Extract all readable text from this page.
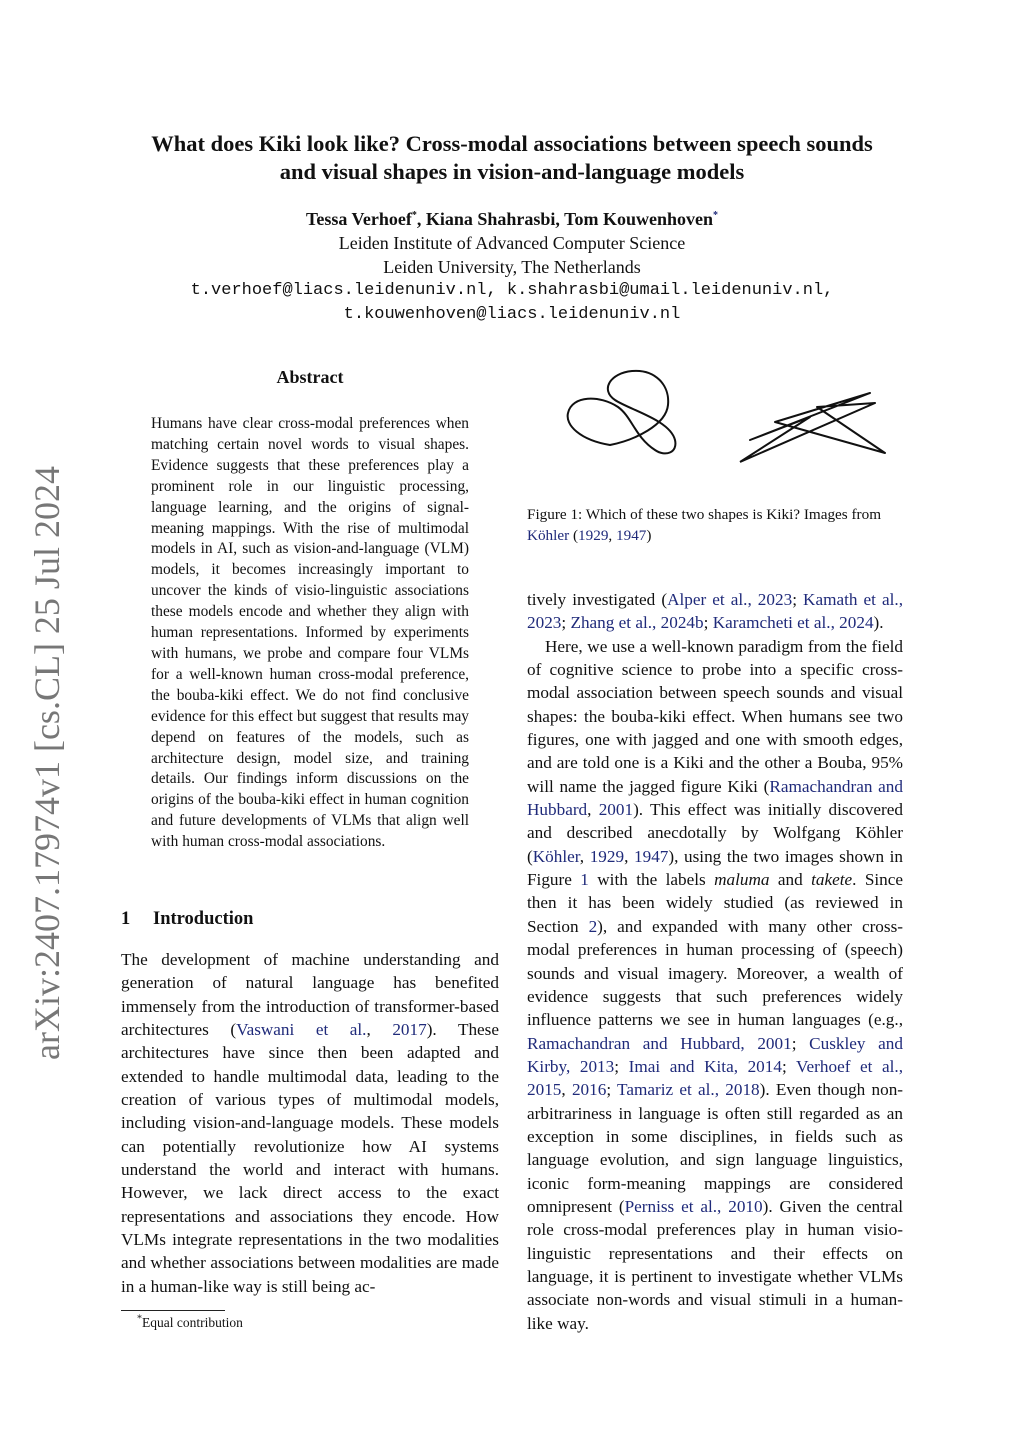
arXiv:2407.17974v1 [cs.CL] 25 Jul 2024
What does Kiki look like? Cross-modal associations between speech sounds
and visual shapes in vision-and-language models
Tessa Verhoef*, Kiana Shahrasbi, Tom Kouwenhoven*
Leiden Institute of Advanced Computer Science
Leiden University, The Netherlands
t.verhoef@liacs.leidenuniv.nl, k.shahrasbi@umail.leidenuniv.nl,
t.kouwenhoven@liacs.leidenuniv.nl
Abstract
Humans have clear cross-modal preferences when matching certain novel words to visual shapes. Evidence suggests that these preferences play a prominent role in our linguistic processing, language learning, and the origins of signal-meaning mappings. With the rise of multimodal models in AI, such as vision-and-language (VLM) models, it becomes increasingly important to uncover the kinds of visio-linguistic associations these models encode and whether they align with human representations. Informed by experiments with humans, we probe and compare four VLMs for a well-known human cross-modal preference, the bouba-kiki effect. We do not find conclusive evidence for this effect but suggest that results may depend on features of the models, such as architecture design, model size, and training details. Our findings inform discussions on the origins of the bouba-kiki effect in human cognition and future developments of VLMs that align well with human cross-modal associations.
1 Introduction
The development of machine understanding and generation of natural language has benefited immensely from the introduction of transformer-based architectures (Vaswani et al., 2017). These architectures have since then been adapted and extended to handle multimodal data, leading to the creation of various types of multimodal models, including vision-and-language models. These models can potentially revolutionize how AI systems understand the world and interact with humans. However, we lack direct access to the exact representations and associations they encode. How VLMs integrate representations in the two modalities and whether associations between modalities are made in a human-like way is still being ac-
Figure 1: Which of these two shapes is Kiki? Images from Köhler (1929, 1947)

tively investigated (Alper et al., 2023; Kamath et al., 2023; Zhang et al., 2024b; Karamcheti et al., 2024).

Here, we use a well-known paradigm from the field of cognitive science to probe into a specific cross-modal association between speech sounds and visual shapes: the bouba-kiki effect. When humans see two figures, one with jagged and one with smooth edges, and are told one is a Kiki and the other a Bouba, 95% will name the jagged figure Kiki (Ramachandran and Hubbard, 2001). This effect was initially discovered and described anecdotally by Wolfgang Köhler (Köhler, 1929, 1947), using the two images shown in Figure 1 with the labels maluma and takete. Since then it has been widely studied (as reviewed in Section 2), and expanded with many other cross-modal preferences in human processing of (speech) sounds and visual imagery. Moreover, a wealth of evidence suggests that such preferences widely influence patterns we see in human languages (e.g., Ramachandran and Hubbard, 2001; Cuskley and Kirby, 2013; Imai and Kita, 2014; Verhoef et al., 2015, 2016; Tamariz et al., 2018). Even though non-arbitrariness in language is often still regarded as an exception in some disciplines, in fields such as language evolution, and sign language linguistics, iconic form-meaning mappings are considered omnipresent (Perniss et al., 2010). Given the central role cross-modal preferences play in human visio-linguistic representations and their effects on language, it is pertinent to investigate whether VLMs associate non-words and visual stimuli in a human-like way.

*Equal contribution
